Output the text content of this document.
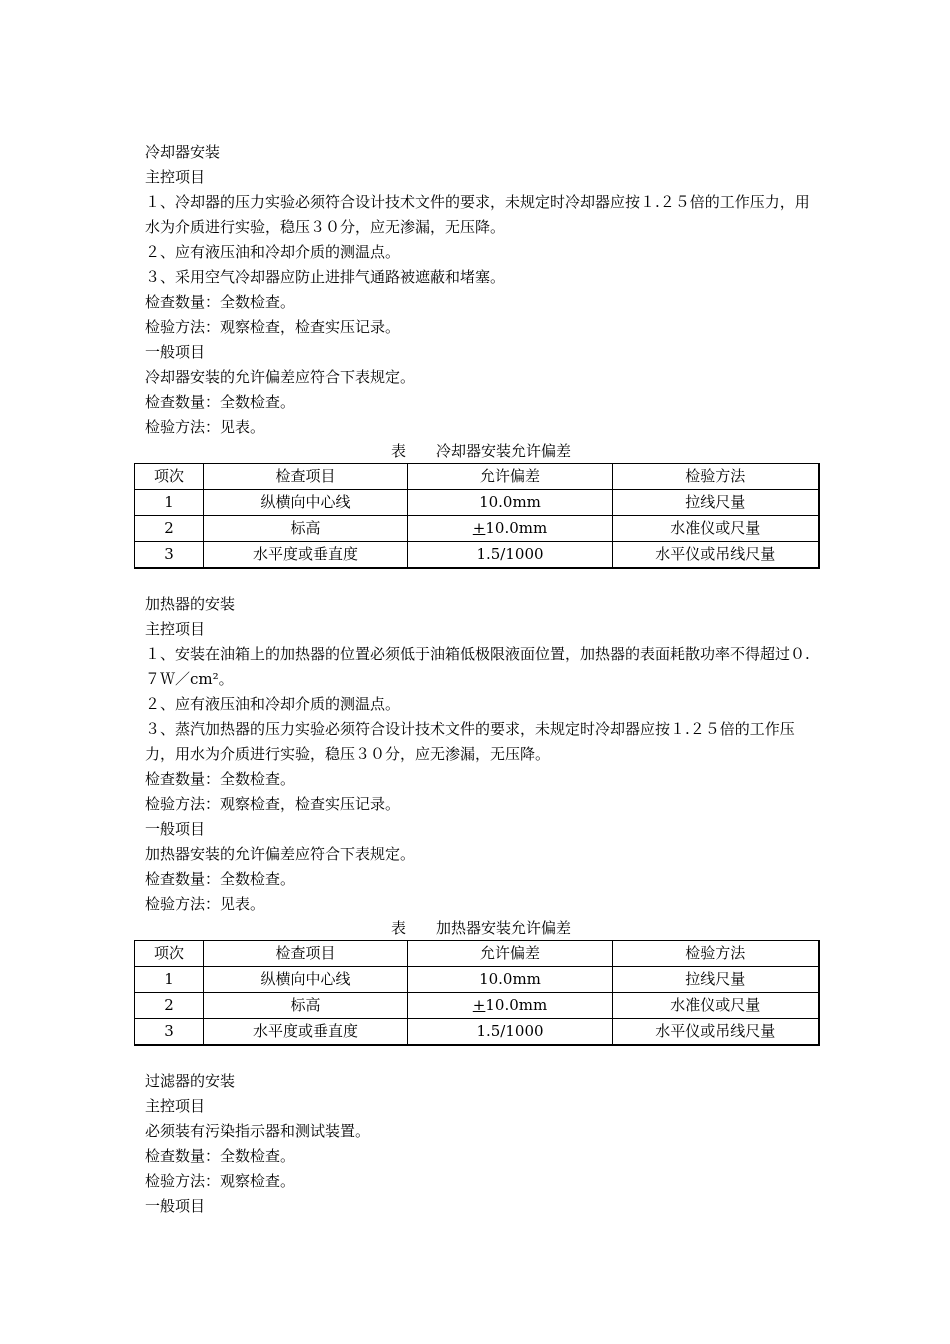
冷却器安装
主控项目
１、冷却器的压力实验必须符合设计技术文件的要求，未规定时冷却器应按１.２５倍的工作压力，用水为介质进行实验，稳压３０分，应无渗漏，无压降。
２、应有液压油和冷却介质的测温点。
３、采用空气冷却器应防止进排气通路被遮蔽和堵塞。
检查数量：全数检查。
检验方法：观察检查，检查实压记录。
一般项目
冷却器安装的允许偏差应符合下表规定。
检查数量：全数检查。
检验方法：见表。
表　　冷却器安装允许偏差
项次	检查项目	允许偏差	检验方法
1	纵横向中心线	10.0mm	拉线尺量
2	标高	+10.0mm	水准仪或尺量
3	水平度或垂直度	1.5/1000	水平仪或吊线尺量
加热器的安装
主控项目
１、安装在油箱上的加热器的位置必须低于油箱低极限液面位置，加热器的表面耗散功率不得超过０.７Ｗ／cm²。
２、应有液压油和冷却介质的测温点。
３、蒸汽加热器的压力实验必须符合设计技术文件的要求，未规定时冷却器应按１.２５倍的工作压力，用水为介质进行实验，稳压３０分，应无渗漏，无压降。
检查数量：全数检查。
检验方法：观察检查，检查实压记录。
一般项目
加热器安装的允许偏差应符合下表规定。
检查数量：全数检查。
检验方法：见表。
表　　加热器安装允许偏差
项次	检查项目	允许偏差	检验方法
1	纵横向中心线	10.0mm	拉线尺量
2	标高	+10.0mm	水准仪或尺量
3	水平度或垂直度	1.5/1000	水平仪或吊线尺量
过滤器的安装
主控项目
必须装有污染指示器和测试装置。
检查数量：全数检查。
检验方法：观察检查。
一般项目
